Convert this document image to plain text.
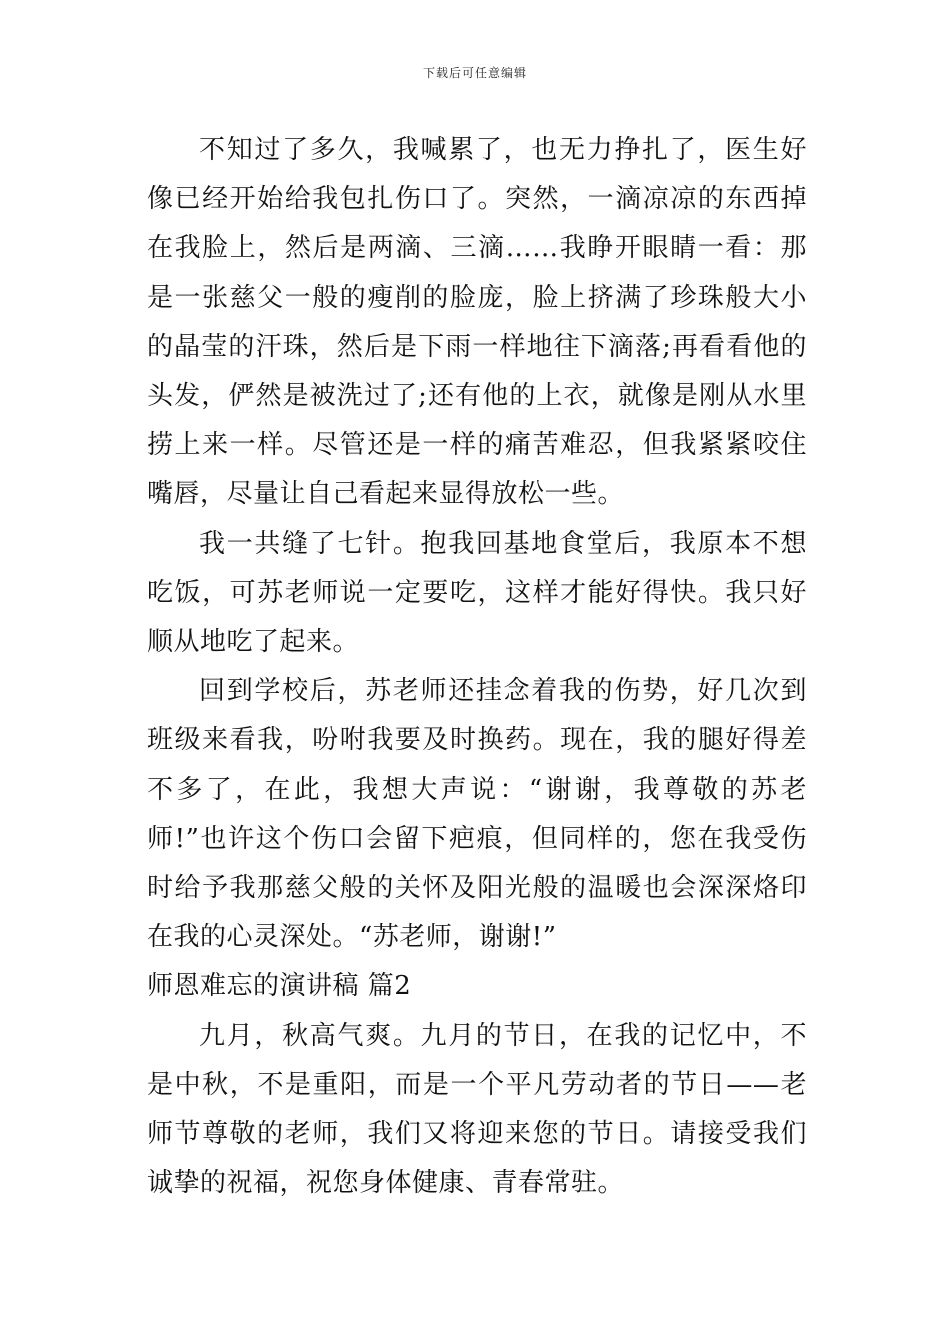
下载后可任意编辑

不知过了多久，我喊累了，也无力挣扎了，医生好像已经开始给我包扎伤口了。突然，一滴凉凉的东西掉在我脸上，然后是两滴、三滴……我睁开眼睛一看：那是一张慈父一般的瘦削的脸庞，脸上挤满了珍珠般大小的晶莹的汗珠，然后是下雨一样地往下滴落;再看看他的头发，俨然是被洗过了;还有他的上衣，就像是刚从水里捞上来一样。尽管还是一样的痛苦难忍，但我紧紧咬住嘴唇，尽量让自己看起来显得放松一些。

我一共缝了七针。抱我回基地食堂后，我原本不想吃饭，可苏老师说一定要吃，这样才能好得快。我只好顺从地吃了起来。

回到学校后，苏老师还挂念着我的伤势，好几次到班级来看我，吩咐我要及时换药。现在，我的腿好得差不多了，在此，我想大声说：“谢谢，我尊敬的苏老师!”也许这个伤口会留下疤痕，但同样的，您在我受伤时给予我那慈父般的关怀及阳光般的温暖也会深深烙印在我的心灵深处。“苏老师，谢谢!”

师恩难忘的演讲稿 篇2

九月，秋高气爽。九月的节日，在我的记忆中，不是中秋，不是重阳，而是一个平凡劳动者的节日——老师节尊敬的老师，我们又将迎来您的节日。请接受我们诚挚的祝福，祝您身体健康、青春常驻。
